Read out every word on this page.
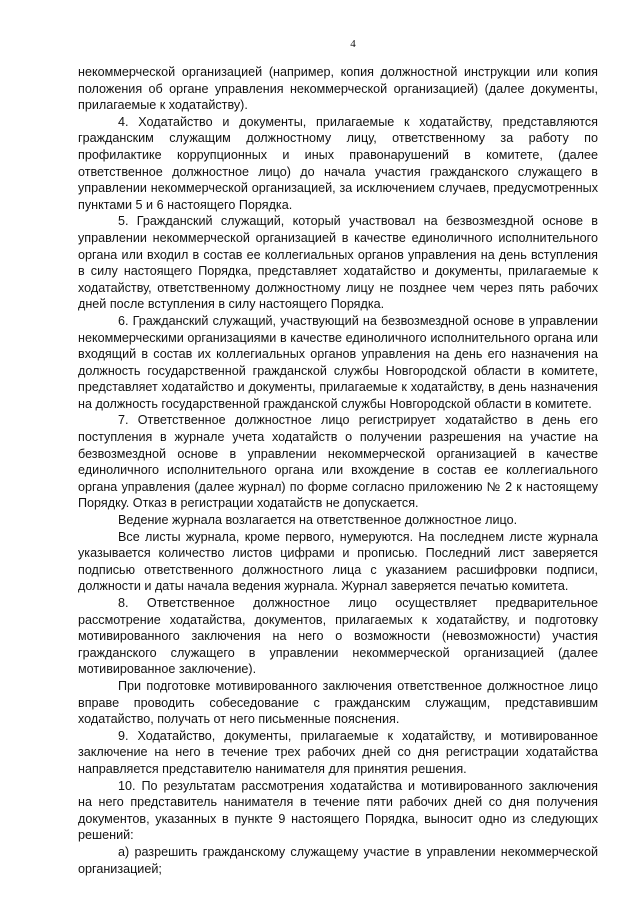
4

некоммерческой организацией (например, копия должностной инструкции или копия положения об органе управления некоммерческой организацией) (далее документы, прилагаемые к ходатайству).

4. Ходатайство и документы, прилагаемые к ходатайству, представляются гражданским служащим должностному лицу, ответственному за работу по профилактике коррупционных и иных правонарушений в комитете, (далее ответственное должностное лицо) до начала участия гражданского служащего в управлении некоммерческой организацией, за исключением случаев, предусмотренных пунктами 5 и 6 настоящего Порядка.

5. Гражданский служащий, который участвовал на безвозмездной основе в управлении некоммерческой организацией в качестве единоличного исполнительного органа или входил в состав ее коллегиальных органов управления на день вступления в силу настоящего Порядка, представляет ходатайство и документы, прилагаемые к ходатайству, ответственному должностному лицу не позднее чем через пять рабочих дней после вступления в силу настоящего Порядка.

6. Гражданский служащий, участвующий на безвозмездной основе в управлении некоммерческими организациями в качестве единоличного исполнительного органа или входящий в состав их коллегиальных органов управления на день его назначения на должность государственной гражданской службы Новгородской области в комитете, представляет ходатайство и документы, прилагаемые к ходатайству, в день назначения на должность государственной гражданской службы Новгородской области в комитете.

7. Ответственное должностное лицо регистрирует ходатайство в день его поступления в журнале учета ходатайств о получении разрешения на участие на безвозмездной основе в управлении некоммерческой организацией в качестве единоличного исполнительного органа или вхождение в состав ее коллегиального органа управления (далее журнал) по форме согласно приложению № 2 к настоящему Порядку. Отказ в регистрации ходатайств не допускается.

Ведение журнала возлагается на ответственное должностное лицо.

Все листы журнала, кроме первого, нумеруются. На последнем листе журнала указывается количество листов цифрами и прописью. Последний лист заверяется подписью ответственного должностного лица с указанием расшифровки подписи, должности и даты начала ведения журнала. Журнал заверяется печатью комитета.

8. Ответственное должностное лицо осуществляет предварительное рассмотрение ходатайства, документов, прилагаемых к ходатайству, и подготовку мотивированного заключения на него о возможности (невозможности) участия гражданского служащего в управлении некоммерческой организацией (далее мотивированное заключение).

При подготовке мотивированного заключения ответственное должностное лицо вправе проводить собеседование с гражданским служащим, представившим ходатайство, получать от него письменные пояснения.

9. Ходатайство, документы, прилагаемые к ходатайству, и мотивированное заключение на него в течение трех рабочих дней со дня регистрации ходатайства направляется представителю нанимателя для принятия решения.

10. По результатам рассмотрения ходатайства и мотивированного заключения на него представитель нанимателя в течение пяти рабочих дней со дня получения документов, указанных в пункте 9 настоящего Порядка, выносит одно из следующих решений:

а) разрешить гражданскому служащему участие в управлении некоммерческой организацией;
